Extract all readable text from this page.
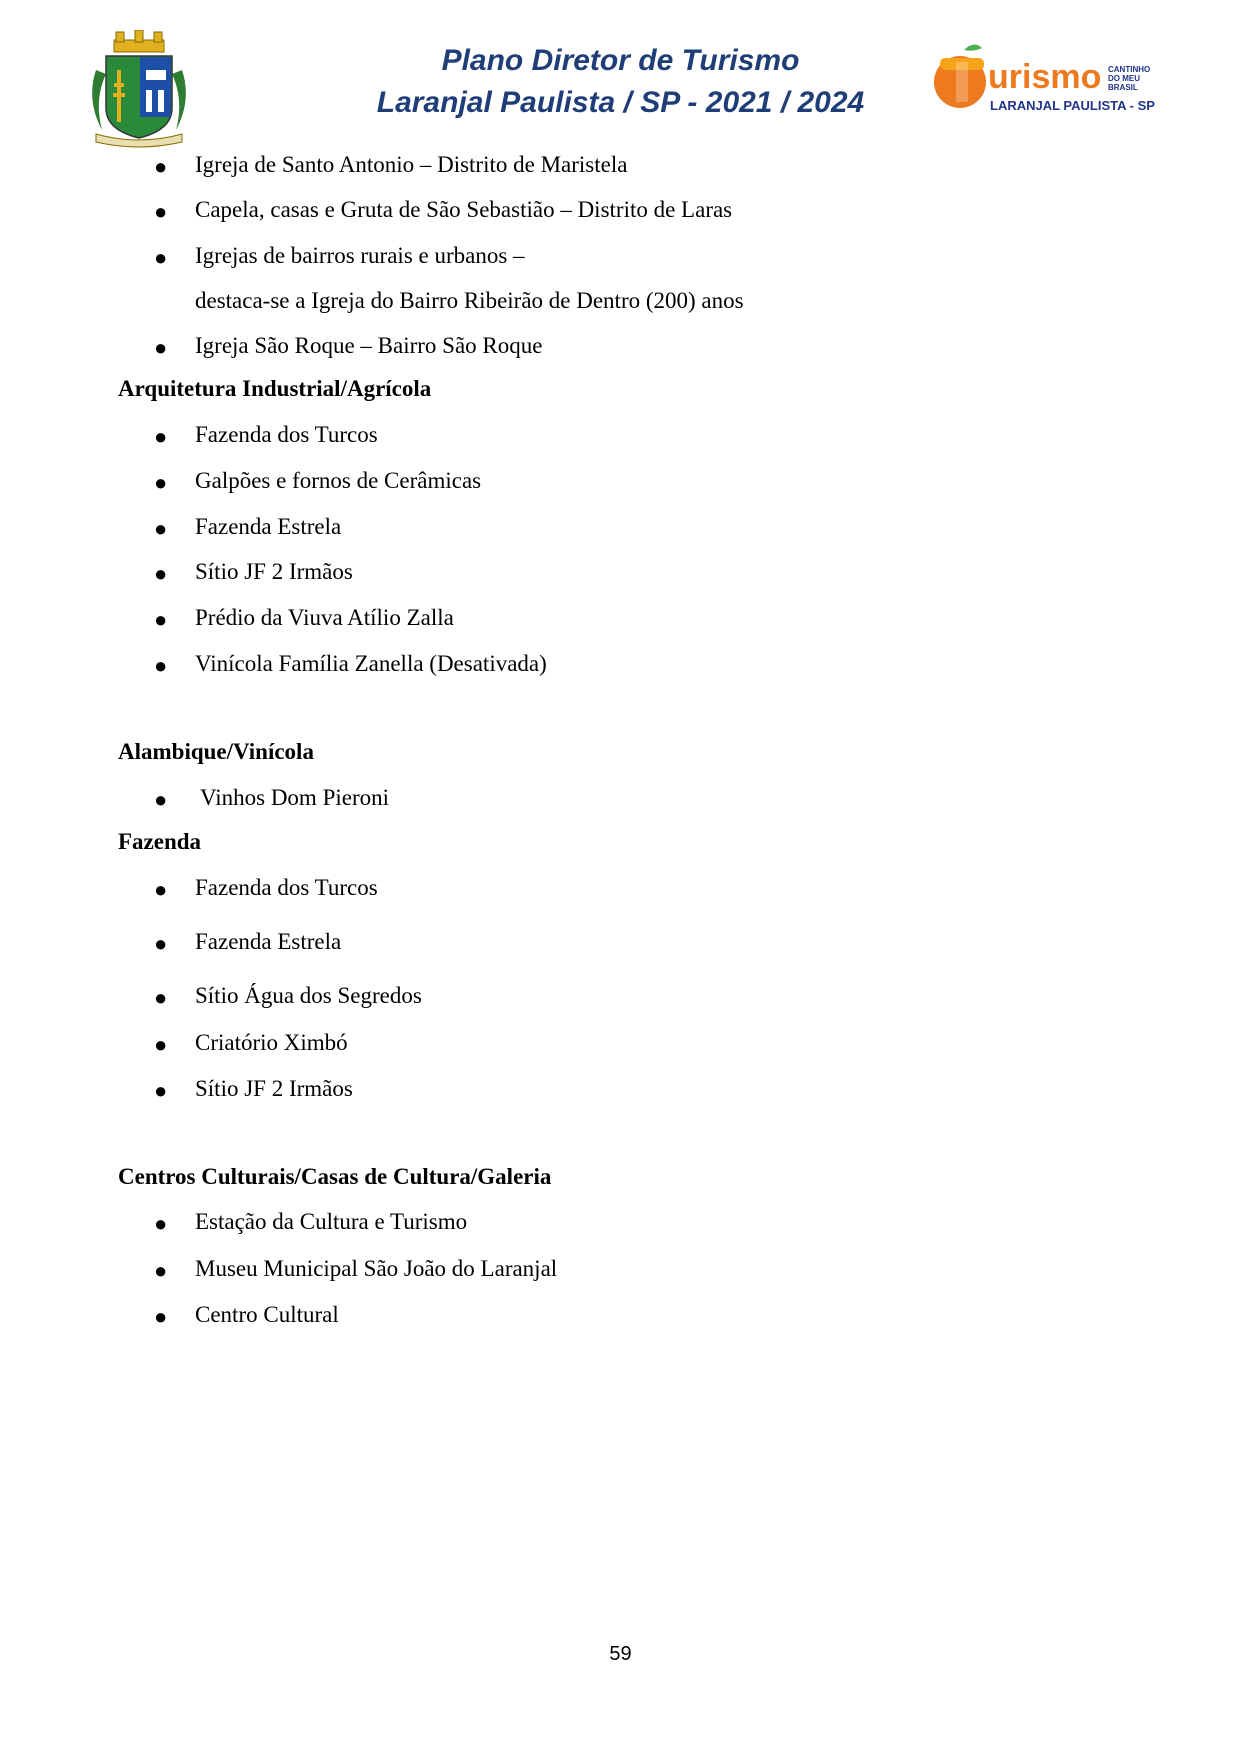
Plano Diretor de Turismo
Laranjal Paulista / SP - 2021 / 2024
urismo CANTINHO
DO MEU
BRASIL
LARANJAL PAULISTA - SP
● Igreja de Santo Antonio – Distrito de Maristela
● Capela, casas e Gruta de São Sebastião – Distrito de Laras
● Igrejas de bairros rurais e urbanos –
destaca-se a Igreja do Bairro Ribeirão de Dentro (200) anos
● Igreja São Roque – Bairro São Roque
Arquitetura Industrial/Agrícola
● Fazenda dos Turcos
● Galpões e fornos de Cerâmicas
● Fazenda Estrela
● Sítio JF 2 Irmãos
● Prédio da Viuva Atílio Zalla
● Vinícola Família Zanella (Desativada)
Alambique/Vinícola
● Vinhos Dom Pieroni
Fazenda
● Fazenda dos Turcos
● Fazenda Estrela
● Sítio Água dos Segredos
● Criatório Ximbó
● Sítio JF 2 Irmãos
Centros Culturais/Casas de Cultura/Galeria
● Estação da Cultura e Turismo
● Museu Municipal São João do Laranjal
● Centro Cultural
59
